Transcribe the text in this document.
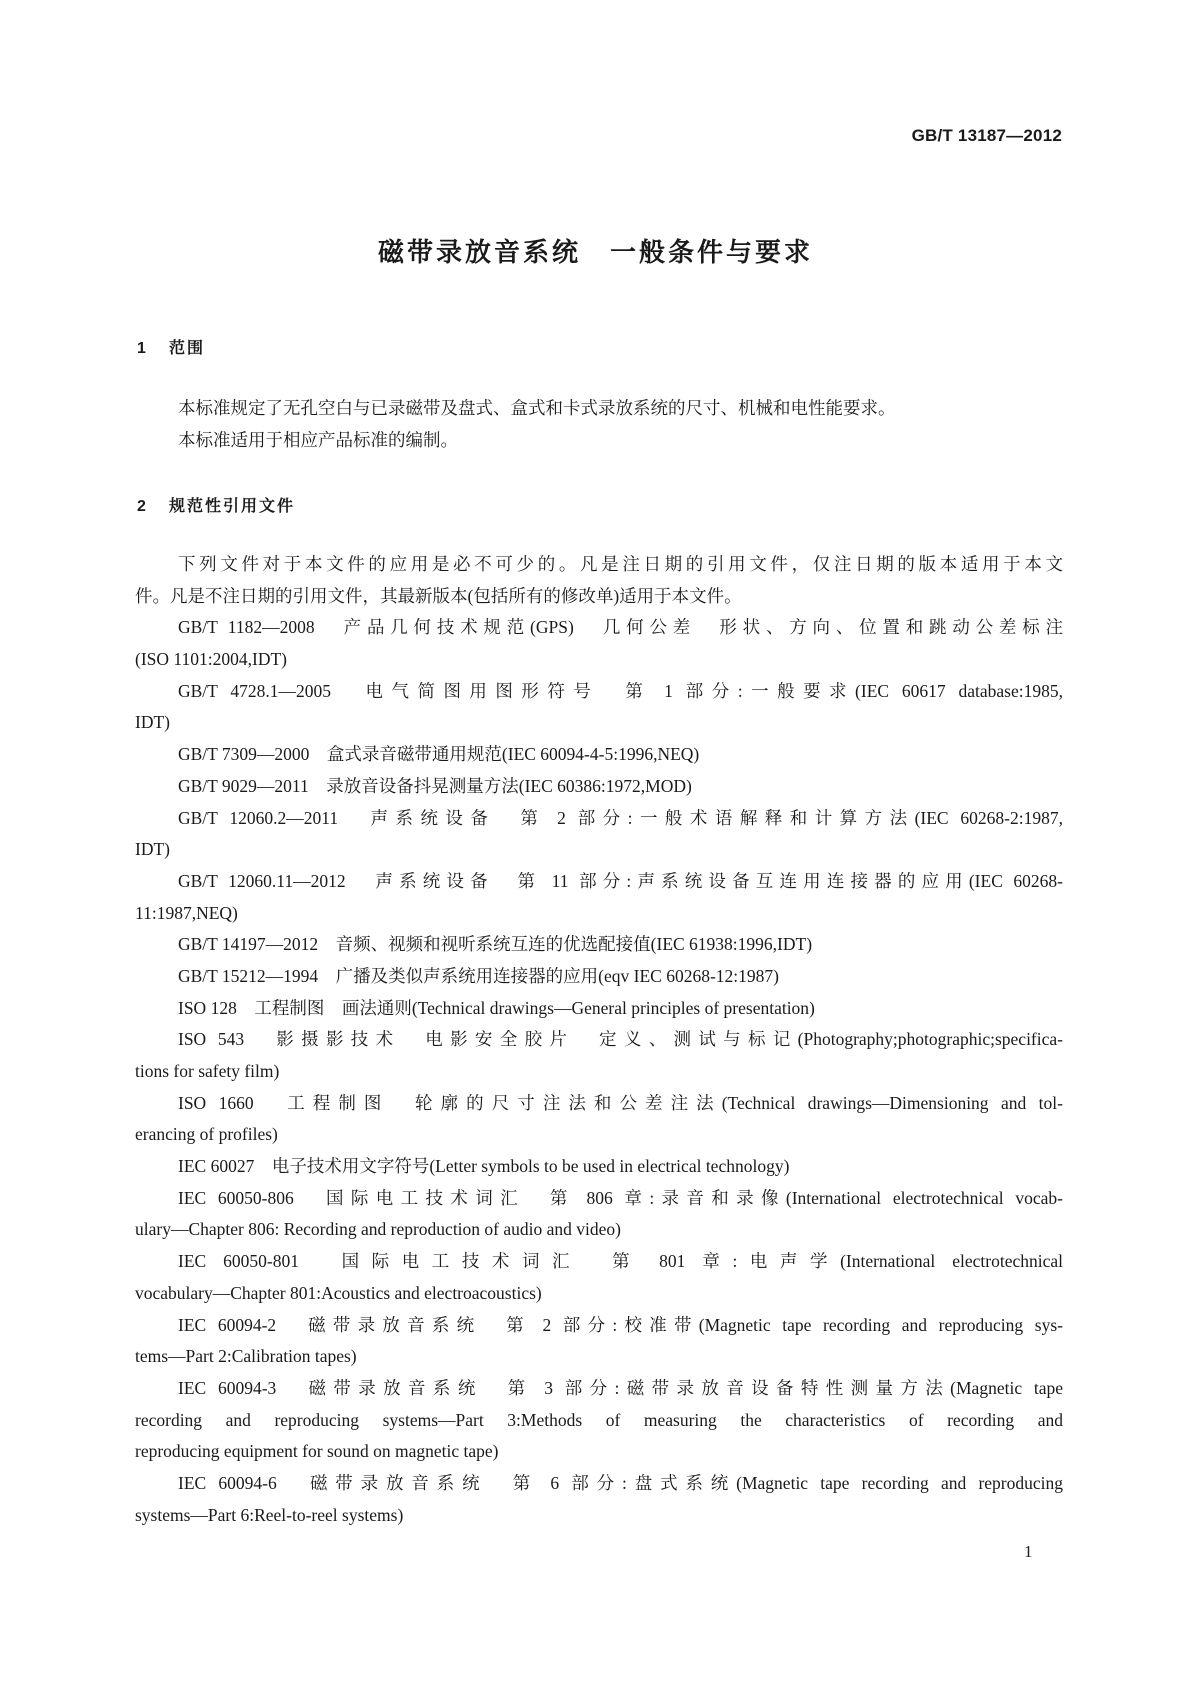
GB/T 13187—2012
磁带录放音系统　一般条件与要求
1 范围
本标准规定了无孔空白与已录磁带及盘式、盒式和卡式录放系统的尺寸、机械和电性能要求。
本标准适用于相应产品标准的编制。
2 规范性引用文件
下列文件对于本文件的应用是必不可少的。凡是注日期的引用文件，仅注日期的版本适用于本文
件。凡是不注日期的引用文件，其最新版本(包括所有的修改单)适用于本文件。
GB/T 1182—2008　产品几何技术规范(GPS)　几何公差　形状、方向、位置和跳动公差标注
(ISO 1101:2004,IDT)
GB/T 4728.1—2005　电气简图用图形符号　第 1 部分:一般要求(IEC 60617 database:1985,
IDT)
GB/T 7309—2000　盒式录音磁带通用规范(IEC 60094-4-5:1996,NEQ)
GB/T 9029—2011　录放音设备抖晃测量方法(IEC 60386:1972,MOD)
GB/T 12060.2—2011　声系统设备　第 2 部分:一般术语解释和计算方法(IEC 60268-2:1987,
IDT)
GB/T 12060.11—2012　声系统设备　第 11 部分:声系统设备互连用连接器的应用(IEC 60268-
11:1987,NEQ)
GB/T 14197—2012　音频、视频和视听系统互连的优选配接值(IEC 61938:1996,IDT)
GB/T 15212—1994　广播及类似声系统用连接器的应用(eqv IEC 60268-12:1987)
ISO 128　工程制图　画法通则(Technical drawings—General principles of presentation)
ISO 543　影摄影技术　电影安全胶片　定义、测试与标记(Photography;photographic;specifica-
tions for safety film)
ISO 1660　工程制图　轮廓的尺寸注法和公差注法(Technical drawings—Dimensioning and tol-
erancing of profiles)
IEC 60027　电子技术用文字符号(Letter symbols to be used in electrical technology)
IEC 60050-806　国际电工技术词汇　第 806 章:录音和录像(International electrotechnical vocab-
ulary—Chapter 806: Recording and reproduction of audio and video)
IEC 60050-801　国际电工技术词汇　第 801 章:电声学(International electrotechnical
vocabulary—Chapter 801:Acoustics and electroacoustics)
IEC 60094-2　磁带录放音系统　第 2 部分:校准带(Magnetic tape recording and reproducing sys-
tems—Part 2:Calibration tapes)
IEC 60094-3　磁带录放音系统　第 3 部分:磁带录放音设备特性测量方法(Magnetic tape
recording and reproducing systems—Part 3:Methods of measuring the characteristics of recording and
reproducing equipment for sound on magnetic tape)
IEC 60094-6　磁带录放音系统　第 6 部分:盘式系统(Magnetic tape recording and reproducing
systems—Part 6:Reel-to-reel systems)
1
